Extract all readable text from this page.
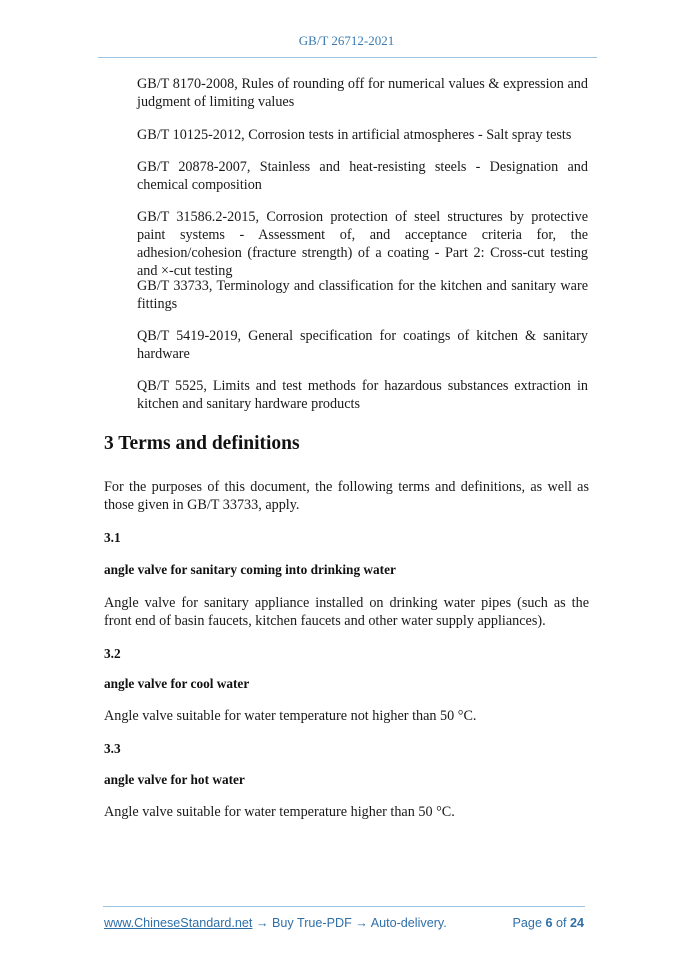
GB/T 26712-2021
GB/T 8170-2008, Rules of rounding off for numerical values & expression and judgment of limiting values
GB/T 10125-2012, Corrosion tests in artificial atmospheres - Salt spray tests
GB/T 20878-2007, Stainless and heat-resisting steels - Designation and chemical composition
GB/T 31586.2-2015, Corrosion protection of steel structures by protective paint systems - Assessment of, and acceptance criteria for, the adhesion/cohesion (fracture strength) of a coating - Part 2: Cross-cut testing and ×-cut testing
GB/T 33733, Terminology and classification for the kitchen and sanitary ware fittings
QB/T 5419-2019, General specification for coatings of kitchen & sanitary hardware
QB/T 5525, Limits and test methods for hazardous substances extraction in kitchen and sanitary hardware products
3 Terms and definitions
For the purposes of this document, the following terms and definitions, as well as those given in GB/T 33733, apply.
3.1
angle valve for sanitary coming into drinking water
Angle valve for sanitary appliance installed on drinking water pipes (such as the front end of basin faucets, kitchen faucets and other water supply appliances).
3.2
angle valve for cool water
Angle valve suitable for water temperature not higher than 50 °C.
3.3
angle valve for hot water
Angle valve suitable for water temperature higher than 50 °C.
www.ChineseStandard.net → Buy True-PDF → Auto-delivery.	Page 6 of 24
